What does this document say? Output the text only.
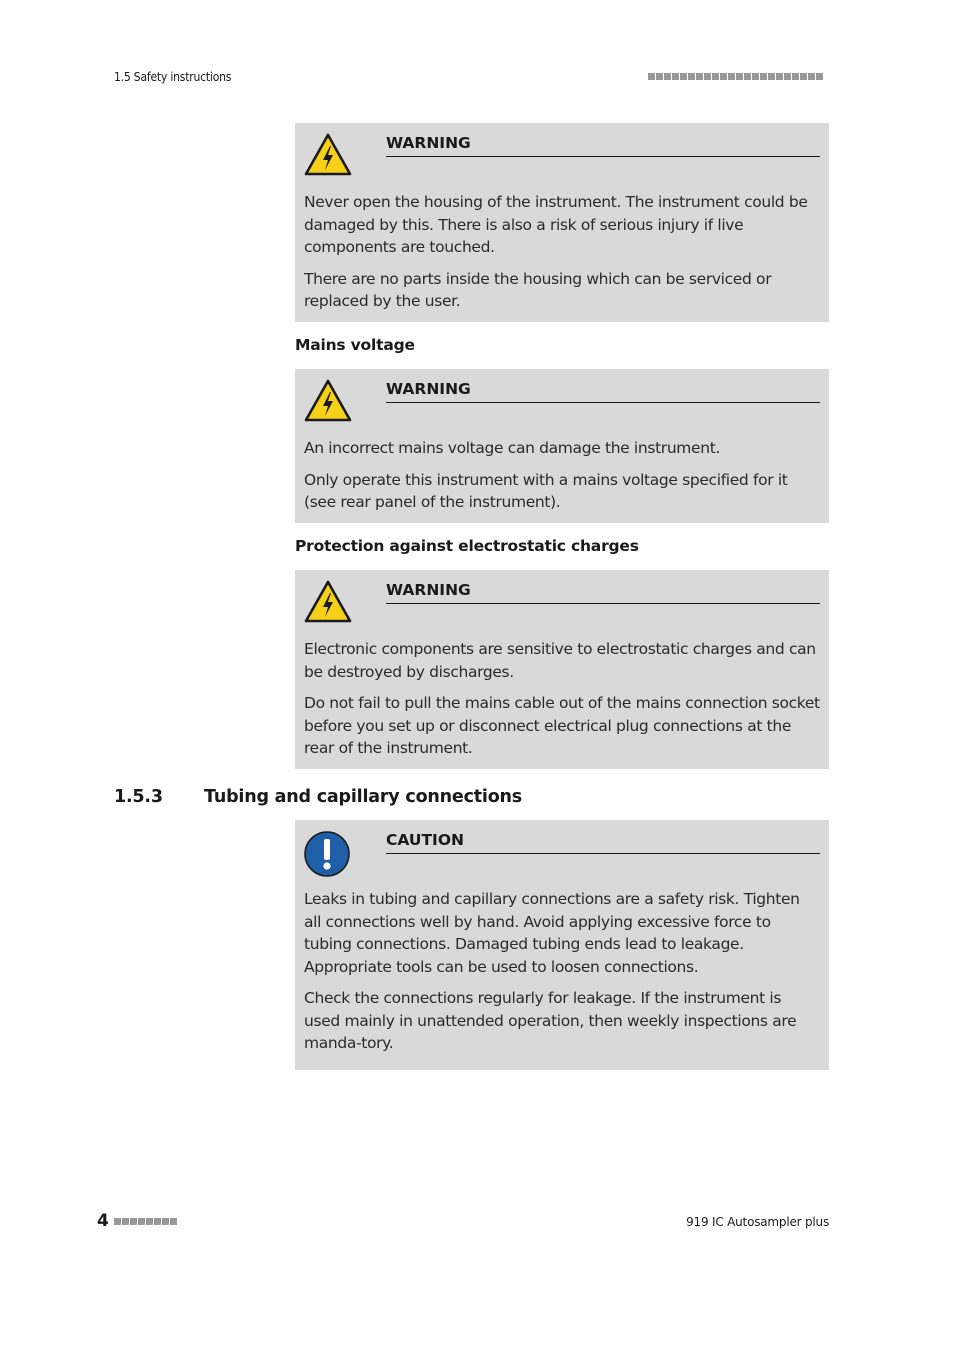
1.5 Safety instructions
WARNING

Never open the housing of the instrument. The instrument could be damaged by this. There is also a risk of serious injury if live components are touched.

There are no parts inside the housing which can be serviced or replaced by the user.

Mains voltage
WARNING

An incorrect mains voltage can damage the instrument.

Only operate this instrument with a mains voltage specified for it (see rear panel of the instrument).

Protection against electrostatic charges
WARNING

Electronic components are sensitive to electrostatic charges and can be destroyed by discharges.

Do not fail to pull the mains cable out of the mains connection socket before you set up or disconnect electrical plug connections at the rear of the instrument.

1.5.3 Tubing and capillary connections
CAUTION

Leaks in tubing and capillary connections are a safety risk. Tighten all connections well by hand. Avoid applying excessive force to tubing connections. Damaged tubing ends lead to leakage. Appropriate tools can be used to loosen connections.

Check the connections regularly for leakage. If the instrument is used mainly in unattended operation, then weekly inspections are manda-tory.

4	919 IC Autosampler plus
